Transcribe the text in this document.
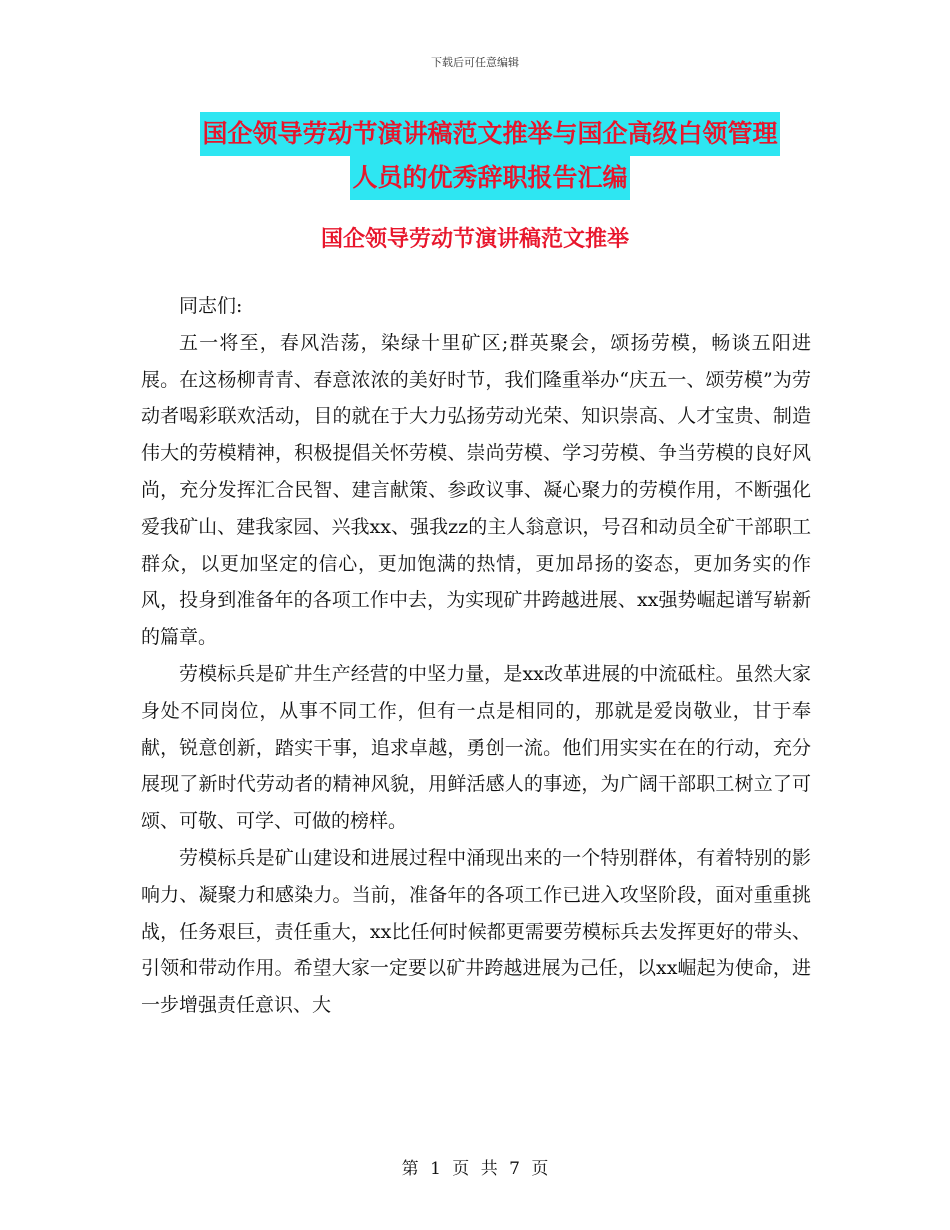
下载后可任意编辑
国企领导劳动节演讲稿范文推举与国企高级白领管理
人员的优秀辞职报告汇编
国企领导劳动节演讲稿范文推举

同志们:

五一将至，春风浩荡，染绿十里矿区;群英聚会，颂扬劳模，畅谈五阳进展。在这杨柳青青、春意浓浓的美好时节，我们隆重举办“庆五一、颂劳模”为劳动者喝彩联欢活动，目的就在于大力弘扬劳动光荣、知识崇高、人才宝贵、制造伟大的劳模精神，积极提倡关怀劳模、崇尚劳模、学习劳模、争当劳模的良好风尚，充分发挥汇合民智、建言献策、参政议事、凝心聚力的劳模作用，不断强化爱我矿山、建我家园、兴我xx、强我zz的主人翁意识，号召和动员全矿干部职工群众，以更加坚定的信心，更加饱满的热情，更加昂扬的姿态，更加务实的作风，投身到准备年的各项工作中去，为实现矿井跨越进展、xx强势崛起谱写崭新的篇章。

劳模标兵是矿井生产经营的中坚力量，是xx改革进展的中流砥柱。虽然大家身处不同岗位，从事不同工作，但有一点是相同的，那就是爱岗敬业，甘于奉献，锐意创新，踏实干事，追求卓越，勇创一流。他们用实实在在的行动，充分展现了新时代劳动者的精神风貌，用鲜活感人的事迹，为广阔干部职工树立了可颂、可敬、可学、可做的榜样。

劳模标兵是矿山建设和进展过程中涌现出来的一个特别群体，有着特别的影响力、凝聚力和感染力。当前，准备年的各项工作已进入攻坚阶段，面对重重挑战，任务艰巨，责任重大，xx比任何时候都更需要劳模标兵去发挥更好的带头、引领和带动作用。希望大家一定要以矿井跨越进展为己任，以xx崛起为使命，进一步增强责任意识、大

第 1 页 共 7 页
